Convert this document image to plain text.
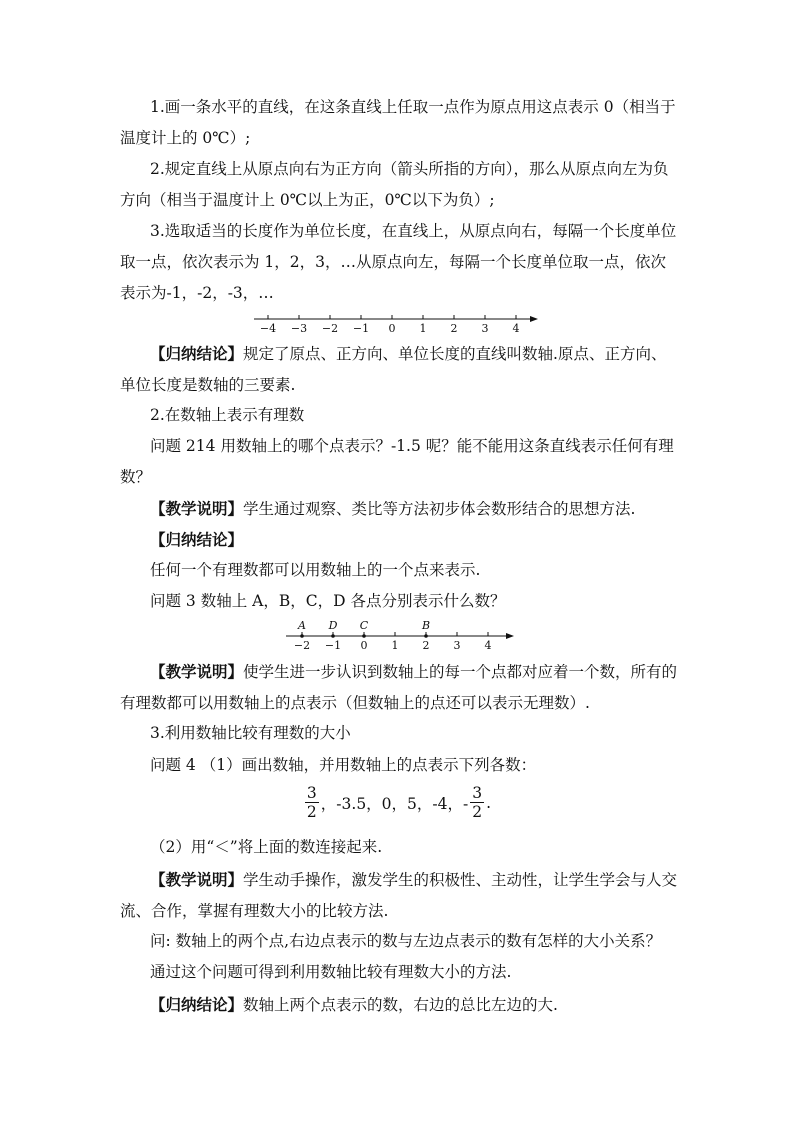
1.画一条水平的直线，在这条直线上任取一点作为原点用这点表示 0（相当于温度计上的 0℃）;

2.规定直线上从原点向右为正方向（箭头所指的方向），那么从原点向左为负方向（相当于温度计上 0℃以上为正，0℃以下为负）;

3.选取适当的长度作为单位长度，在直线上，从原点向右，每隔一个长度单位取一点，依次表示为 1，2，3，…从原点向左，每隔一个长度单位取一点，依次表示为-1，-2，-3，…

−4 −3 −2 −1 0 1 2 3 4

【归纳结论】规定了原点、正方向、单位长度的直线叫数轴.原点、正方向、单位长度是数轴的三要素.

2.在数轴上表示有理数

问题 214 用数轴上的哪个点表示？-1.5 呢？能不能用这条直线表示任何有理数？

【教学说明】学生通过观察、类比等方法初步体会数形结合的思想方法.

【归纳结论】

任何一个有理数都可以用数轴上的一个点来表示.

问题 3 数轴上 A，B，C，D 各点分别表示什么数？

−2 −1 0 1 2 3 4
A D C	B

【教学说明】使学生进一步认识到数轴上的每一个点都对应着一个数，所有的有理数都可以用数轴上的点表示（但数轴上的点还可以表示无理数）.

3.利用数轴比较有理数的大小

问题 4 （1）画出数轴，并用数轴上的点表示下列各数：

$\frac{3}{2}$ ，-3.5，0，5，-4，- $\frac{3}{2}$ .

（2）用“＜”将上面的数连接起来.

【教学说明】学生动手操作，激发学生的积极性、主动性，让学生学会与人交流、合作，掌握有理数大小的比较方法.

问: 数轴上的两个点,右边点表示的数与左边点表示的数有怎样的大小关系？

通过这个问题可得到利用数轴比较有理数大小的方法.

【归纳结论】数轴上两个点表示的数，右边的总比左边的大.
